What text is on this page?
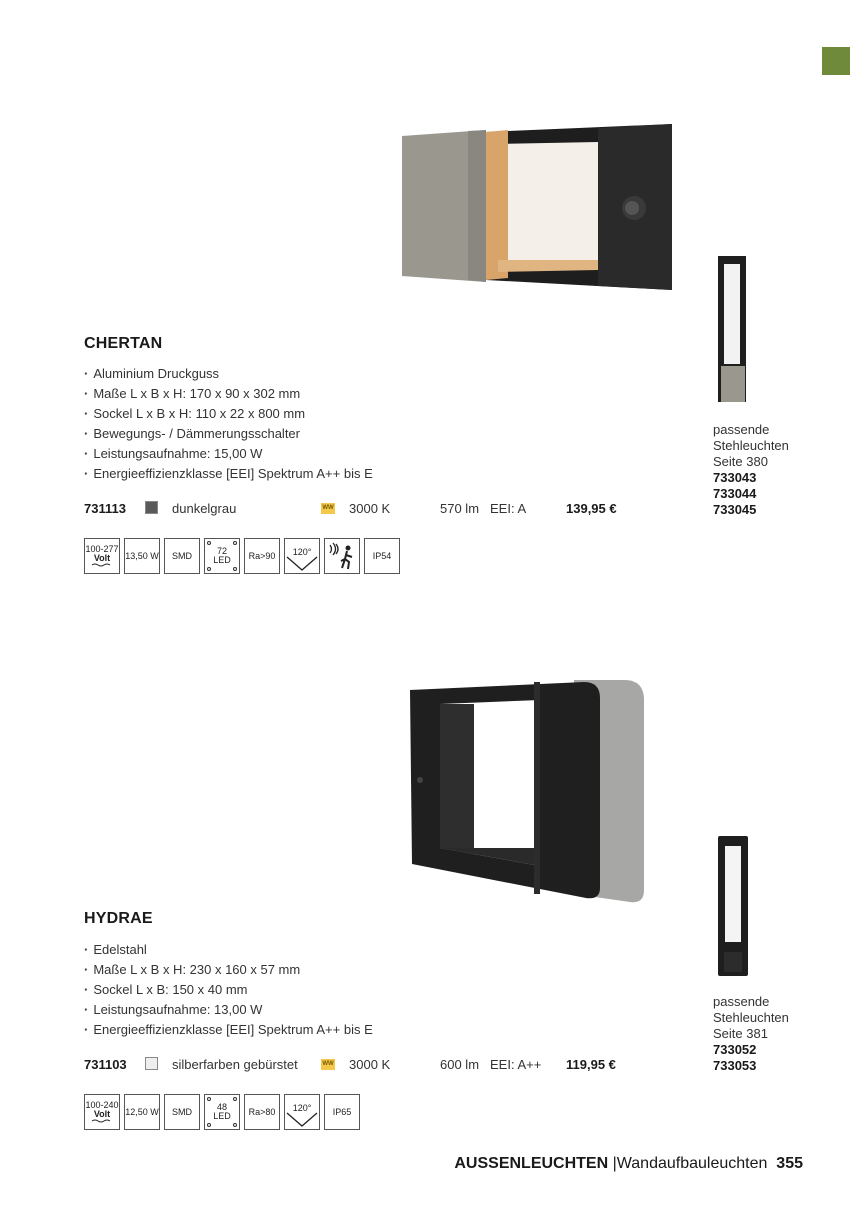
CHERTAN
· Aluminium Druckguss
· Maße L x B x H: 170 x 90 x 302 mm
· Sockel L x B x H: 110 x 22 x 800 mm
· Bewegungs- / Dämmerungsschalter
· Leistungsaufnahme: 15,00 W
· Energieeffizienzklasse [EEI] Spektrum A++ bis E
731113	dunkelgrau	WW 3000 K	570 lm EEI: A	139,95 €
100-277
Volt 13,50 W SMD	72
LED Ra>90 120°	IP54
passende
Stehleuchten
Seite 380
733043
733044
733045
HYDRAE
· Edelstahl
· Maße L x B x H: 230 x 160 x 57 mm
· Sockel L x B: 150 x 40 mm
· Leistungsaufnahme: 13,00 W
· Energieeffizienzklasse [EEI] Spektrum A++ bis E
731103	silberfarben gebürstet	WW 3000 K	600 lm EEI: A++ 119,95 €
100-240
Volt 12,50 W SMD	48
LED Ra>80 120° IP65
passende
Stehleuchten
Seite 381
733052
733053
AUSSENLEUCHTEN |Wandaufbauleuchten 355
